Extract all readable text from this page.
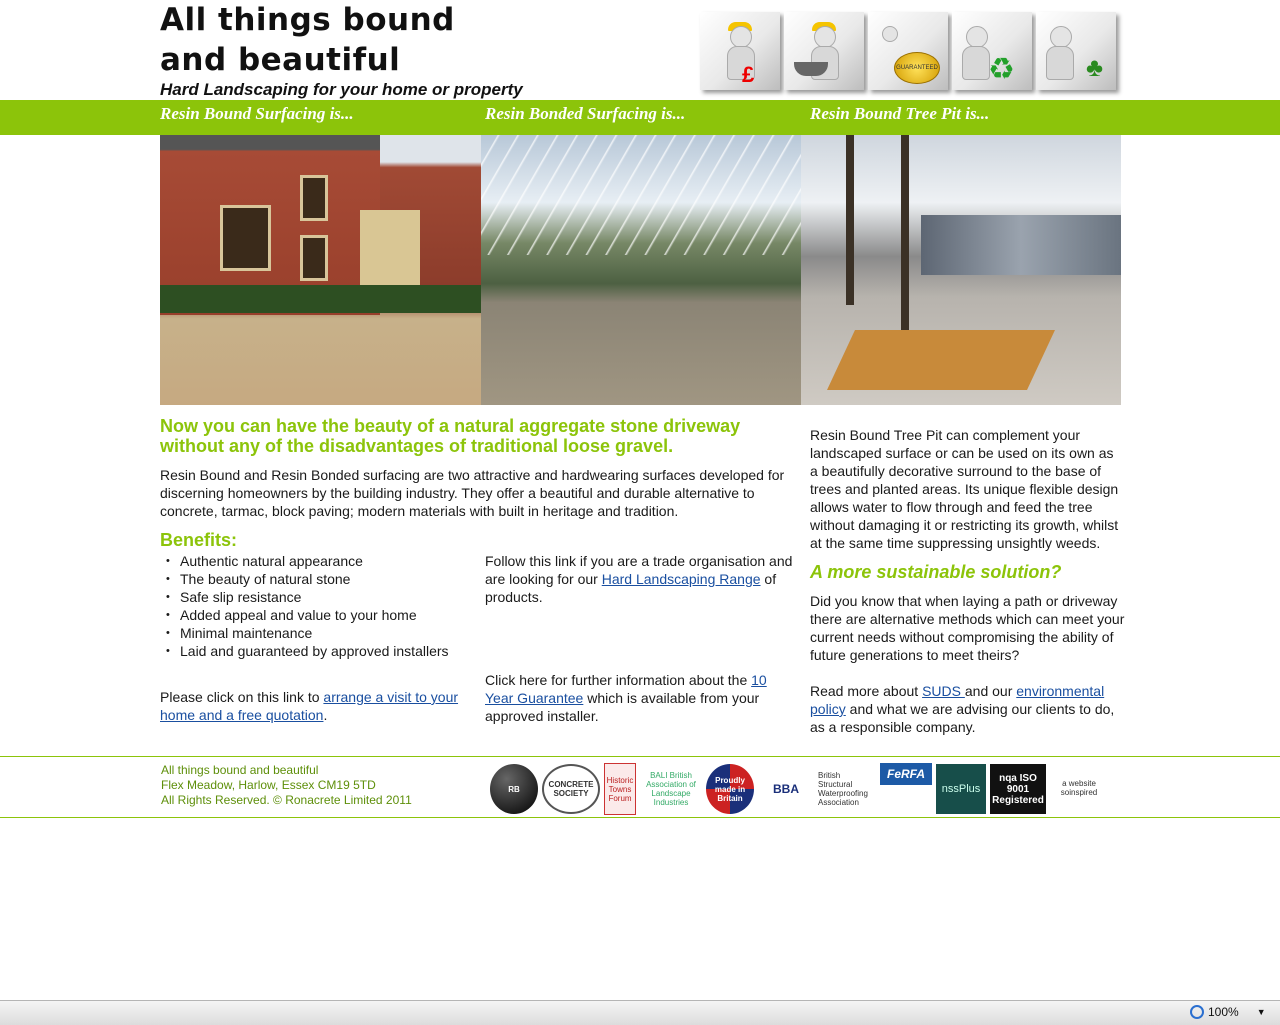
All things bound
and beautiful
Hard Landscaping for your home or property
£	GUARANTEED ♻	♣
Resin Bound Surfacing is...	Resin Bonded Surfacing is...	Resin Bound Tree Pit is...
Now you can have the beauty of a natural aggregate stone driveway without any of the disadvantages of traditional loose gravel.
Resin Bound and Resin Bonded surfacing are two attractive and hardwearing surfaces developed for discerning homeowners by the building industry. They offer a beautiful and durable alternative to concrete, tarmac, block paving; modern materials with built in heritage and tradition.
Benefits:
• Authentic natural appearance
• The beauty of natural stone
• Safe slip resistance
• Added appeal and value to your home
• Minimal maintenance
• Laid and guaranteed by approved installers
Please click on this link to arrange a visit to your home and a free quotation.
Follow this link if you are a trade organisation and are looking for our Hard Landscaping Range of products.
Click here for further information about the 10 Year Guarantee which is available from your approved installer.
Resin Bound Tree Pit can complement your landscaped surface or can be used on its own as a beautifully decorative surround to the base of trees and planted areas. Its unique flexible design allows water to flow through and feed the tree without damaging it or restricting its growth, whilst at the same time suppressing unsightly weeds.
A more sustainable solution?
Did you know that when laying a path or driveway there are alternative methods which can meet your current needs without compromising the ability of future generations to meet theirs?
Read more about SUDS and our environmental policy and what we are advising our clients to do, as a responsible company.
All things bound and beautiful
Flex Meadow, Harlow, Essex CM19 5TD
All Rights Reserved. © Ronacrete Limited 2011
RB	CONCRETE SOCIETY
Historic Towns Forum
BALI British Association of Landscape Industries
Proudly made in Britain
BBA
British Structural Waterproofing Association
FeRFA
nssPlus
nqa ISO 9001 Registered
a website soinspired
100% ▼
